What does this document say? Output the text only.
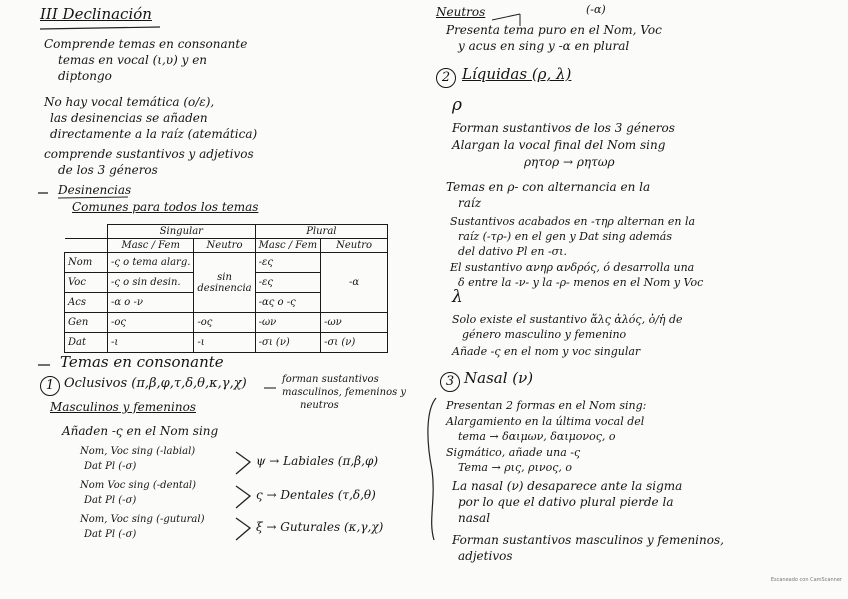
III Declinación
Comprende temas en consonante
temas en vocal (ι,υ) y en
diptongo
No hay vocal temática (o/ε),
las desinencias se añaden
directamente a la raíz (atemática)
comprende sustantivos y adjetivos
de los 3 géneros
Desinencias
Comunes para todos los temas
	Singular		Plural	
	Masc / Fem	Neutro	Masc / Fem	Neutro
Nom	-ς o tema alarg.	sin desinencia	-ες	-α
Voc	-ς o sin desin.		-ες	
Acs	-α o -ν		-ας o -ς	
Gen	-ος	-ος	-ων	-ων
Dat	-ι	-ι	-σι (ν)	-σι (ν)
Temas en consonante
1 Oclusivos (π,β,φ,τ,δ,θ,κ,γ,χ)	forman sustantivos
masculinos, femeninos y
neutros
Masculinos y femeninos
Añaden -ς en el Nom sing
Nom, Voc sing (-labial)
Dat Pl (-σ)	ψ → Labiales (π,β,φ)
Nom Voc sing (-dental)
Dat Pl (-σ)	ς → Dentales (τ,δ,θ)
Nom, Voc sing (-gutural)
Dat Pl (-σ)
ξ → Guturales (κ,γ,χ)
Neutros	(-α)
Presenta tema puro en el Nom, Voc
y acus en sing y -α en plural
2 Líquidas (ρ, λ)
ρ
Forman sustantivos de los 3 géneros
Alargan la vocal final del Nom sing
ρητορ → ρητωρ
Temas en ρ- con alternancia en la
raíz
Sustantivos acabados en -τηρ alternan en la
raíz (-τρ-) en el gen y Dat sing además
del dativo Pl en -σι.
El sustantivo ανηρ ανδρός, ό desarrolla una
δ entre la -ν- y la -ρ- menos en el Nom y Voc
λ
Solo existe el sustantivo ἅλς ἁλός, ὁ/ἡ de
género masculino y femenino
Añade -ς en el nom y voc singular
3 Nasal (ν)
Presentan 2 formas en el Nom sing:
Alargamiento en la última vocal del
tema → δαιμων, δαιμονος, ο
Sigmático, añade una -ς
Tema → ρις, ρινος, ο
La nasal (ν) desaparece ante la sigma
por lo que el dativo plural pierde la
nasal
Forman sustantivos masculinos y femeninos,
adjetivos
Escaneado con CamScanner
